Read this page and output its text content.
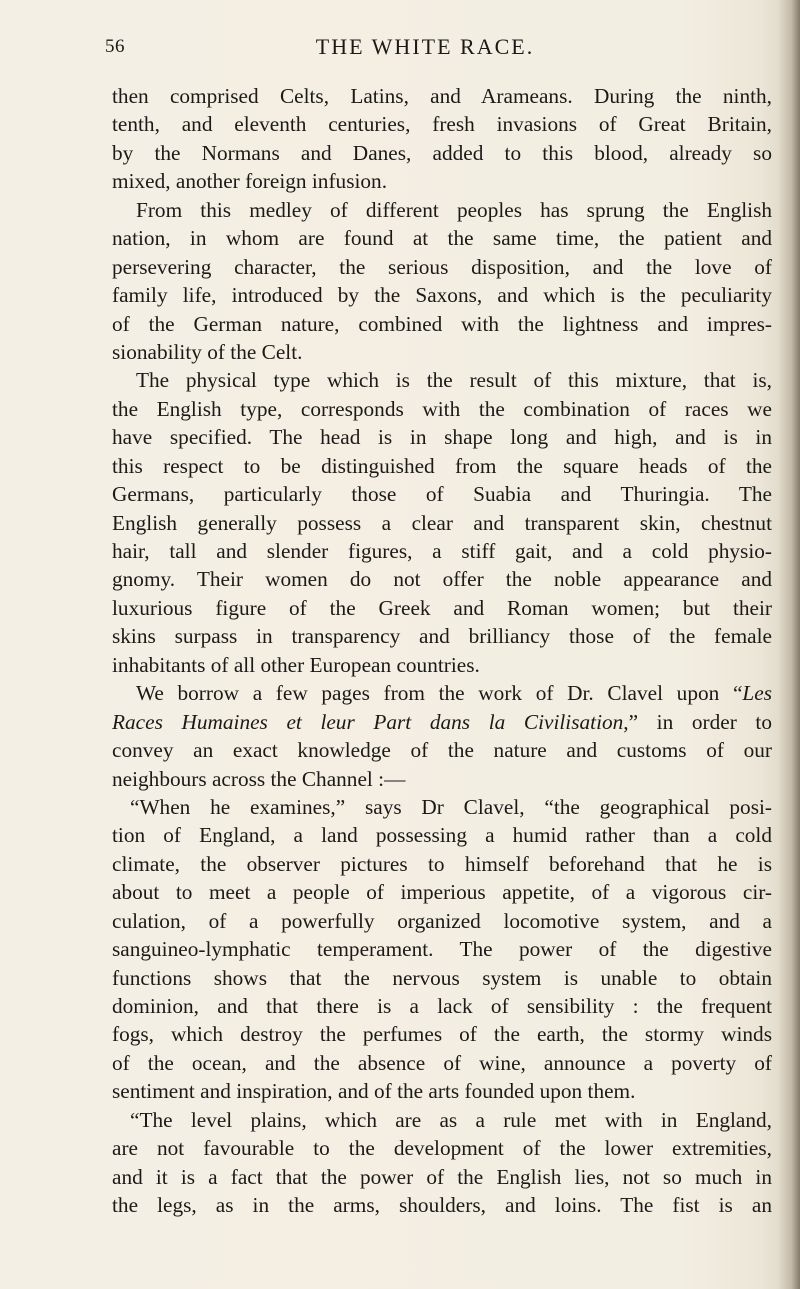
56	THE WHITE RACE.
then comprised Celts, Latins, and Arameans. During the ninth,
tenth, and eleventh centuries, fresh invasions of Great Britain,
by the Normans and Danes, added to this blood, already so
mixed, another foreign infusion.
From this medley of different peoples has sprung the English
nation, in whom are found at the same time, the patient and
persevering character, the serious disposition, and the love of
family life, introduced by the Saxons, and which is the peculiarity
of the German nature, combined with the lightness and impres-
sionability of the Celt.
The physical type which is the result of this mixture, that is,
the English type, corresponds with the combination of races we
have specified. The head is in shape long and high, and is in
this respect to be distinguished from the square heads of the
Germans, particularly those of Suabia and Thuringia. The
English generally possess a clear and transparent skin, chestnut
hair, tall and slender figures, a stiff gait, and a cold physio-
gnomy. Their women do not offer the noble appearance and
luxurious figure of the Greek and Roman women; but their
skins surpass in transparency and brilliancy those of the female
inhabitants of all other European countries.
We borrow a few pages from the work of Dr. Clavel upon “Les
Races Humaines et leur Part dans la Civilisation,” in order to
convey an exact knowledge of the nature and customs of our
neighbours across the Channel :—
“When he examines,” says Dr Clavel, “the geographical posi-
tion of England, a land possessing a humid rather than a cold
climate, the observer pictures to himself beforehand that he is
about to meet a people of imperious appetite, of a vigorous cir-
culation, of a powerfully organized locomotive system, and a
sanguineo-lymphatic temperament. The power of the digestive
functions shows that the nervous system is unable to obtain
dominion, and that there is a lack of sensibility : the frequent
fogs, which destroy the perfumes of the earth, the stormy winds
of the ocean, and the absence of wine, announce a poverty of
sentiment and inspiration, and of the arts founded upon them.
“The level plains, which are as a rule met with in England,
are not favourable to the development of the lower extremities,
and it is a fact that the power of the English lies, not so much in
the legs, as in the arms, shoulders, and loins. The fist is an
